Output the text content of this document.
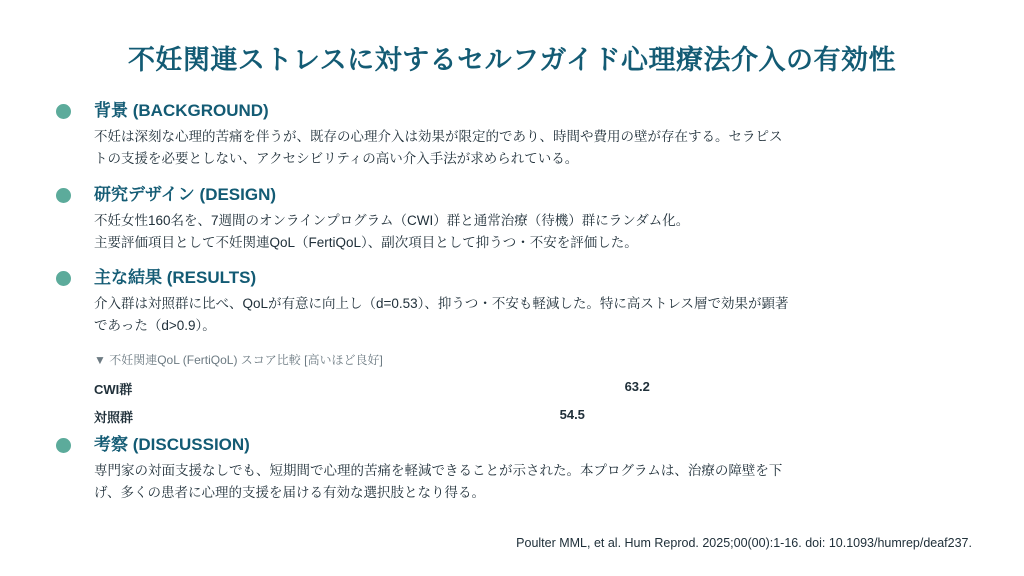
不妊関連ストレスに対するセルフガイド心理療法介入の有効性
背景 (BACKGROUND)
不妊は深刻な心理的苦痛を伴うが、既存の心理介入は効果が限定的であり、時間や費用の壁が存在する。セラピス
トの支援を必要としない、アクセシビリティの高い介入手法が求められている。
研究デザイン (DESIGN)
不妊女性160名を、7週間のオンラインプログラム（CWI）群と通常治療（待機）群にランダム化。
主要評価項目として不妊関連QoL（FertiQoL）、副次項目として抑うつ・不安を評価した。
主な結果 (RESULTS)
介入群は対照群に比べ、QoLが有意に向上し（d=0.53）、抑うつ・不安も軽減した。特に高ストレス層で効果が顕著
であった（d>0.9）。
▼ 不妊関連QoL (FertiQoL) スコア比較 [高いほど良好]
CWI群	63.2
対照群	54.5
考察 (DISCUSSION)
専門家の対面支援なしでも、短期間で心理的苦痛を軽減できることが示された。本プログラムは、治療の障壁を下
げ、多くの患者に心理的支援を届ける有効な選択肢となり得る。
Poulter MML, et al. Hum Reprod. 2025;00(00):1-16. doi: 10.1093/humrep/deaf237.
